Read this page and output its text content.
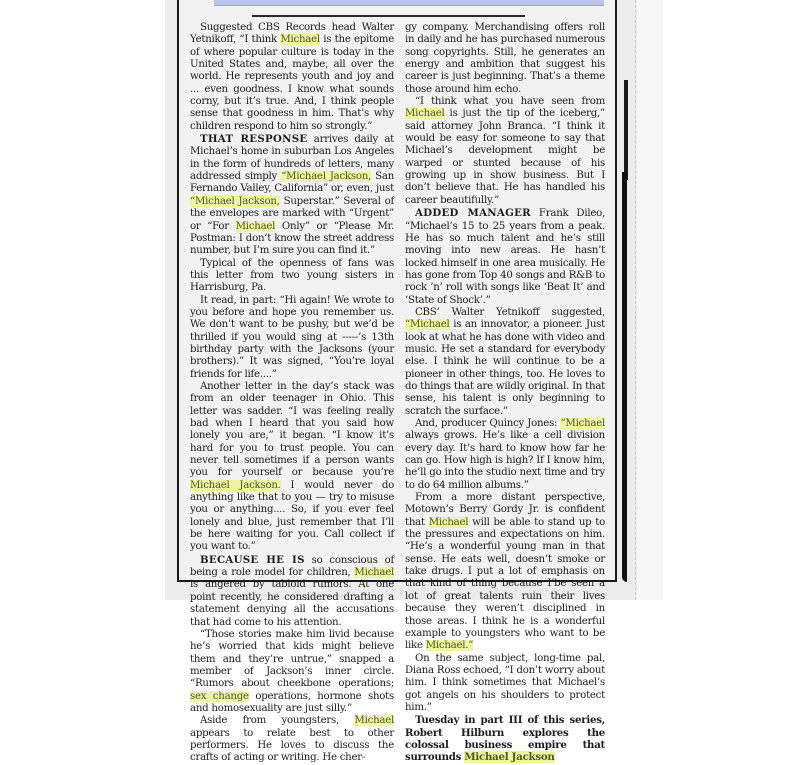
Suggested CBS Records head Walter Yetnikoff, “I think Michael is the epitome of where popular culture is today in the United States and, maybe, all over the world. He represents youth and joy and ... even goodness. I know what sounds corny, but it’s true. And, I think people sense that goodness in him. That’s why children respond to him so strongly.”

THAT RESPONSE arrives daily at Michael’s home in suburban Los Angeles in the form of hundreds of letters, many addressed simply “Michael Jackson, San Fernando Valley, California” or, even, just “Michael Jackson, Superstar.” Several of the envelopes are marked with “Urgent” or “For Michael Only” or “Please Mr. Postman: I don’t know the street address number, but I’m sure you can find it.”

Typical of the openness of fans was this letter from two young sisters in Harrisburg, Pa.

It read, in part: “Hi again! We wrote to you before and hope you remember us. We don’t want to be pushy, but we’d be thrilled if you would sing at -----’s 13th birthday party with the Jacksons (your brothers).” It was signed, “You’re loyal friends for life....”

Another letter in the day’s stack was from an older teenager in Ohio. This letter was sadder. “I was feeling really bad when I heard that you said how lonely you are,” it began. “I know it’s hard for you to trust people. You can never tell sometimes if a person wants you for yourself or because you’re Michael Jackson. I would never do anything like that to you — try to misuse you or anything.... So, if you ever feel lonely and blue, just remember that I’ll be here waiting for you. Call collect if you want to.”

BECAUSE HE IS so conscious of being a role model for children, Michael is angered by tabloid rumors. At one point recently, he considered drafting a statement denying all the accusations that had come to his attention.

“Those stories make him livid because he’s worried that kids might believe them and they’re untrue,” snapped a member of Jackson’s inner circle. “Rumors about cheekbone operations; sex change operations, hormone shots and homosexuality are just silly.”

Aside from youngsters, Michael appears to relate best to other performers. He loves to discuss the crafts of acting or writing. He cher-

gy company. Merchandising offers roll in daily and he has purchased numerous song copyrights. Still, he generates an energy and ambition that suggest his career is just beginning. That’s a theme those around him echo.

“I think what you have seen from Michael is just the tip of the iceberg,” said attorney John Branca. “I think it would be easy for someone to say that Michael’s development might be warped or stunted because of his growing up in show business. But I don’t believe that. He has handled his career beautifully.”

ADDED MANAGER Frank Dileo, “Michael’s 15 to 25 years from a peak. He has so much talent and he’s still moving into new areas. He hasn’t locked himself in one area musically. He has gone from Top 40 songs and R&B to rock ’n’ roll with songs like ‘Beat It’ and ‘State of Shock’.”

CBS’ Walter Yetnikoff suggested, “Michael is an innovator, a pioneer. Just look at what he has done with video and music. He set a standard for everybody else. I think he will continue to be a pioneer in other things, too. He loves to do things that are wildly original. In that sense, his talent is only beginning to scratch the surface.”

And, producer Quincy Jones: “Michael always grows. He’s like a cell division every day. It’s hard to know how far he can go. How high is high? If I know him, he’ll go into the studio next time and try to do 64 million albums.”

From a more distant perspective, Motown’s Berry Gordy Jr. is confident that Michael will be able to stand up to the pressures and expectations on him. “He’s a wonderful young man in that sense. He eats well, doesn’t smoke or take drugs. I put a lot of emphasis on that kind of thing because I’be seen a lot of great talents ruin their lives because they weren’t disciplined in those areas. I think he is a wonderful example to youngsters who want to be like Michael.”

On the same subject, long-time pal, Diana Ross echoed, “I don’t worry about him. I think sometimes that Michael’s got angels on his shoulders to protect him.”

Tuesday in part III of this series, Robert Hilburn explores the colossal business empire that surrounds Michael Jackson
